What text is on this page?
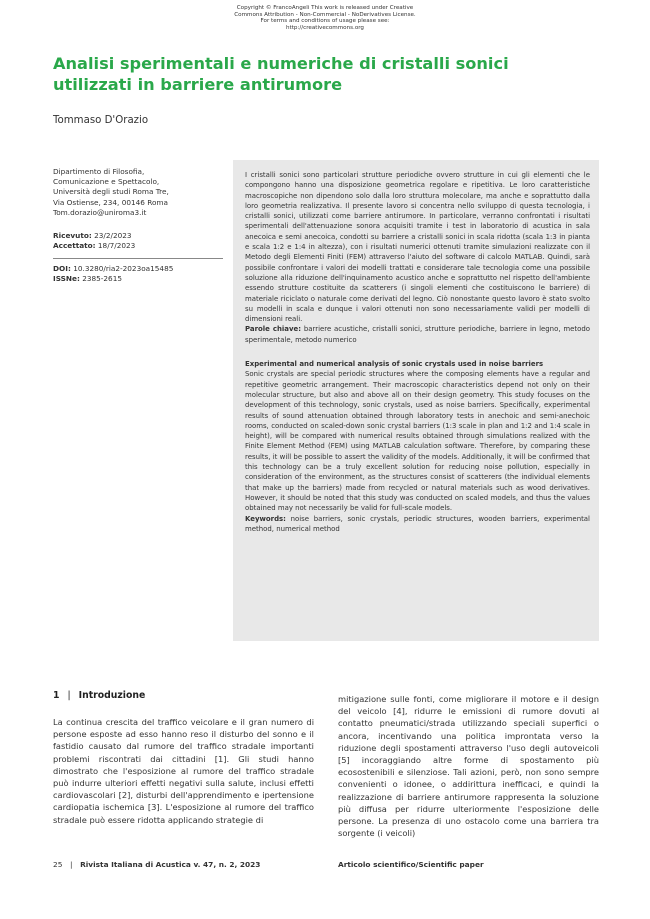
Copyright © FrancoAngeli This work is released under Creative
Commons Attribution - Non-Commercial - NoDerivatives License.
For terms and conditions of usage please see:
http://creativecommons.org
Analisi sperimentali e numeriche di cristalli sonici utilizzati in barriere antirumore
Tommaso D'Orazio
Dipartimento di Filosofia,
Comunicazione e Spettacolo,
Università degli studi Roma Tre,
Via Ostiense, 234, 00146 Roma
Tom.dorazio@uniroma3.it
Ricevuto: 23/2/2023
Accettato: 18/7/2023
DOI: 10.3280/ria2-2023oa15485
ISSNe: 2385-2615

I cristalli sonici sono particolari strutture periodiche ovvero strutture in cui gli elementi che le compongono hanno una disposizione geometrica regolare e ripetitiva. Le loro caratteristiche macroscopiche non dipendono solo dalla loro struttura molecolare, ma anche e soprattutto dalla loro geometria realizzativa. Il presente lavoro si concentra nello sviluppo di questa tecnologia, i cristalli sonici, utilizzati come barriere antirumore. In particolare, verranno confrontati i risultati sperimentali dell'attenuazione sonora acquisiti tramite i test in laboratorio di acustica in sala anecoica e semi anecoica, condotti su barriere a cristalli sonici in scala ridotta (scala 1:3 in pianta e scala 1:2 e 1:4 in altezza), con i risultati numerici ottenuti tramite simulazioni realizzate con il Metodo degli Elementi Finiti (FEM) attraverso l'aiuto del software di calcolo MATLAB. Quindi, sarà possibile confrontare i valori dei modelli trattati e considerare tale tecnologia come una possibile soluzione alla riduzione dell'inquinamento acustico anche e soprattutto nel rispetto dell'ambiente essendo strutture costituite da scatterers (i singoli elementi che costituiscono le barriere) di materiale riciclato o naturale come derivati del legno. Ciò nonostante questo lavoro è stato svolto su modelli in scala e dunque i valori ottenuti non sono necessariamente validi per modelli di dimensioni reali.

Parole chiave: barriere acustiche, cristalli sonici, strutture periodiche, barriere in legno, metodo sperimentale, metodo numerico

Experimental and numerical analysis of sonic crystals used in noise barriers

Sonic crystals are special periodic structures where the composing elements have a regular and repetitive geometric arrangement. Their macroscopic characteristics depend not only on their molecular structure, but also and above all on their design geometry. This study focuses on the development of this technology, sonic crystals, used as noise barriers. Specifically, experimental results of sound attenuation obtained through laboratory tests in anechoic and semi-anechoic rooms, conducted on scaled-down sonic crystal barriers (1:3 scale in plan and 1:2 and 1:4 scale in height), will be compared with numerical results obtained through simulations realized with the Finite Element Method (FEM) using MATLAB calculation software. Therefore, by comparing these results, it will be possible to assert the validity of the models. Additionally, it will be confirmed that this technology can be a truly excellent solution for reducing noise pollution, especially in consideration of the environment, as the structures consist of scatterers (the individual elements that make up the barriers) made from recycled or natural materials such as wood derivatives. However, it should be noted that this study was conducted on scaled models, and thus the values obtained may not necessarily be valid for full-scale models.

Keywords: noise barriers, sonic crystals, periodic structures, wooden barriers, experimental method, numerical method

1 | Introduzione

La continua crescita del traffico veicolare e il gran numero di persone esposte ad esso hanno reso il disturbo del sonno e il fastidio causato dal rumore del traffico stradale importanti problemi riscontrati dai cittadini [1]. Gli studi hanno dimostrato che l'esposizione al rumore del traffico stradale può indurre ulteriori effetti negativi sulla salute, inclusi effetti cardiovascolari [2], disturbi dell'apprendimento e ipertensione cardiopatia ischemica [3]. L'esposizione al rumore del traffico stradale può essere ridotta applicando strategie di

mitigazione sulle fonti, come migliorare il motore e il design del veicolo [4], ridurre le emissioni di rumore dovuti al contatto pneumatici/strada utilizzando speciali superfici o ancora, incentivando una politica improntata verso la riduzione degli spostamenti attraverso l'uso degli autoveicoli [5] incoraggiando altre forme di spostamento più ecosostenibili e silenziose. Tali azioni, però, non sono sempre convenienti o idonee, o addirittura inefficaci, e quindi la realizzazione di barriere antirumore rappresenta la soluzione più diffusa per ridurre ulteriormente l'esposizione delle persone. La presenza di uno ostacolo come una barriera tra sorgente (i veicoli)

25 | Rivista Italiana di Acustica v. 47, n. 2, 2023	Articolo scientifico/Scientific paper
